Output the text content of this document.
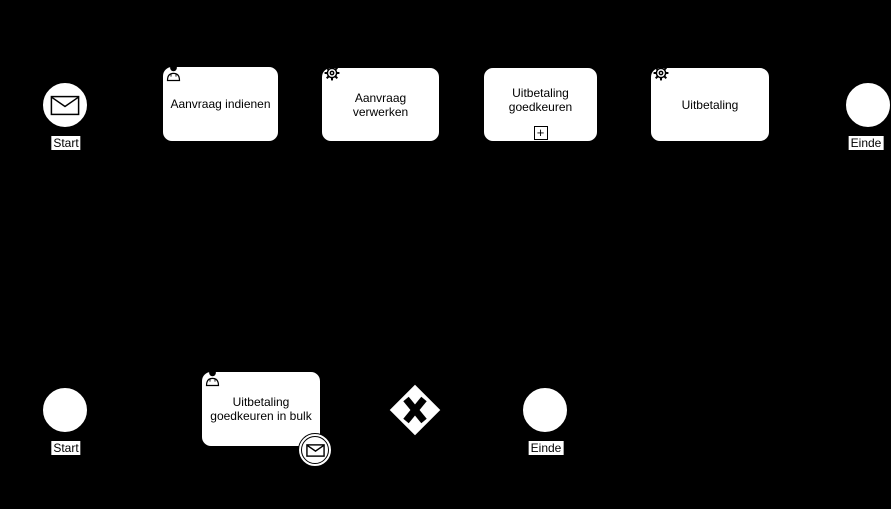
Start
Aanvraag indienen	Aanvraag verwerken
Uitbetaling goedkeuren
+
Uitbetaling
Einde
Start
Uitbetaling goedkeuren in bulk
Einde
